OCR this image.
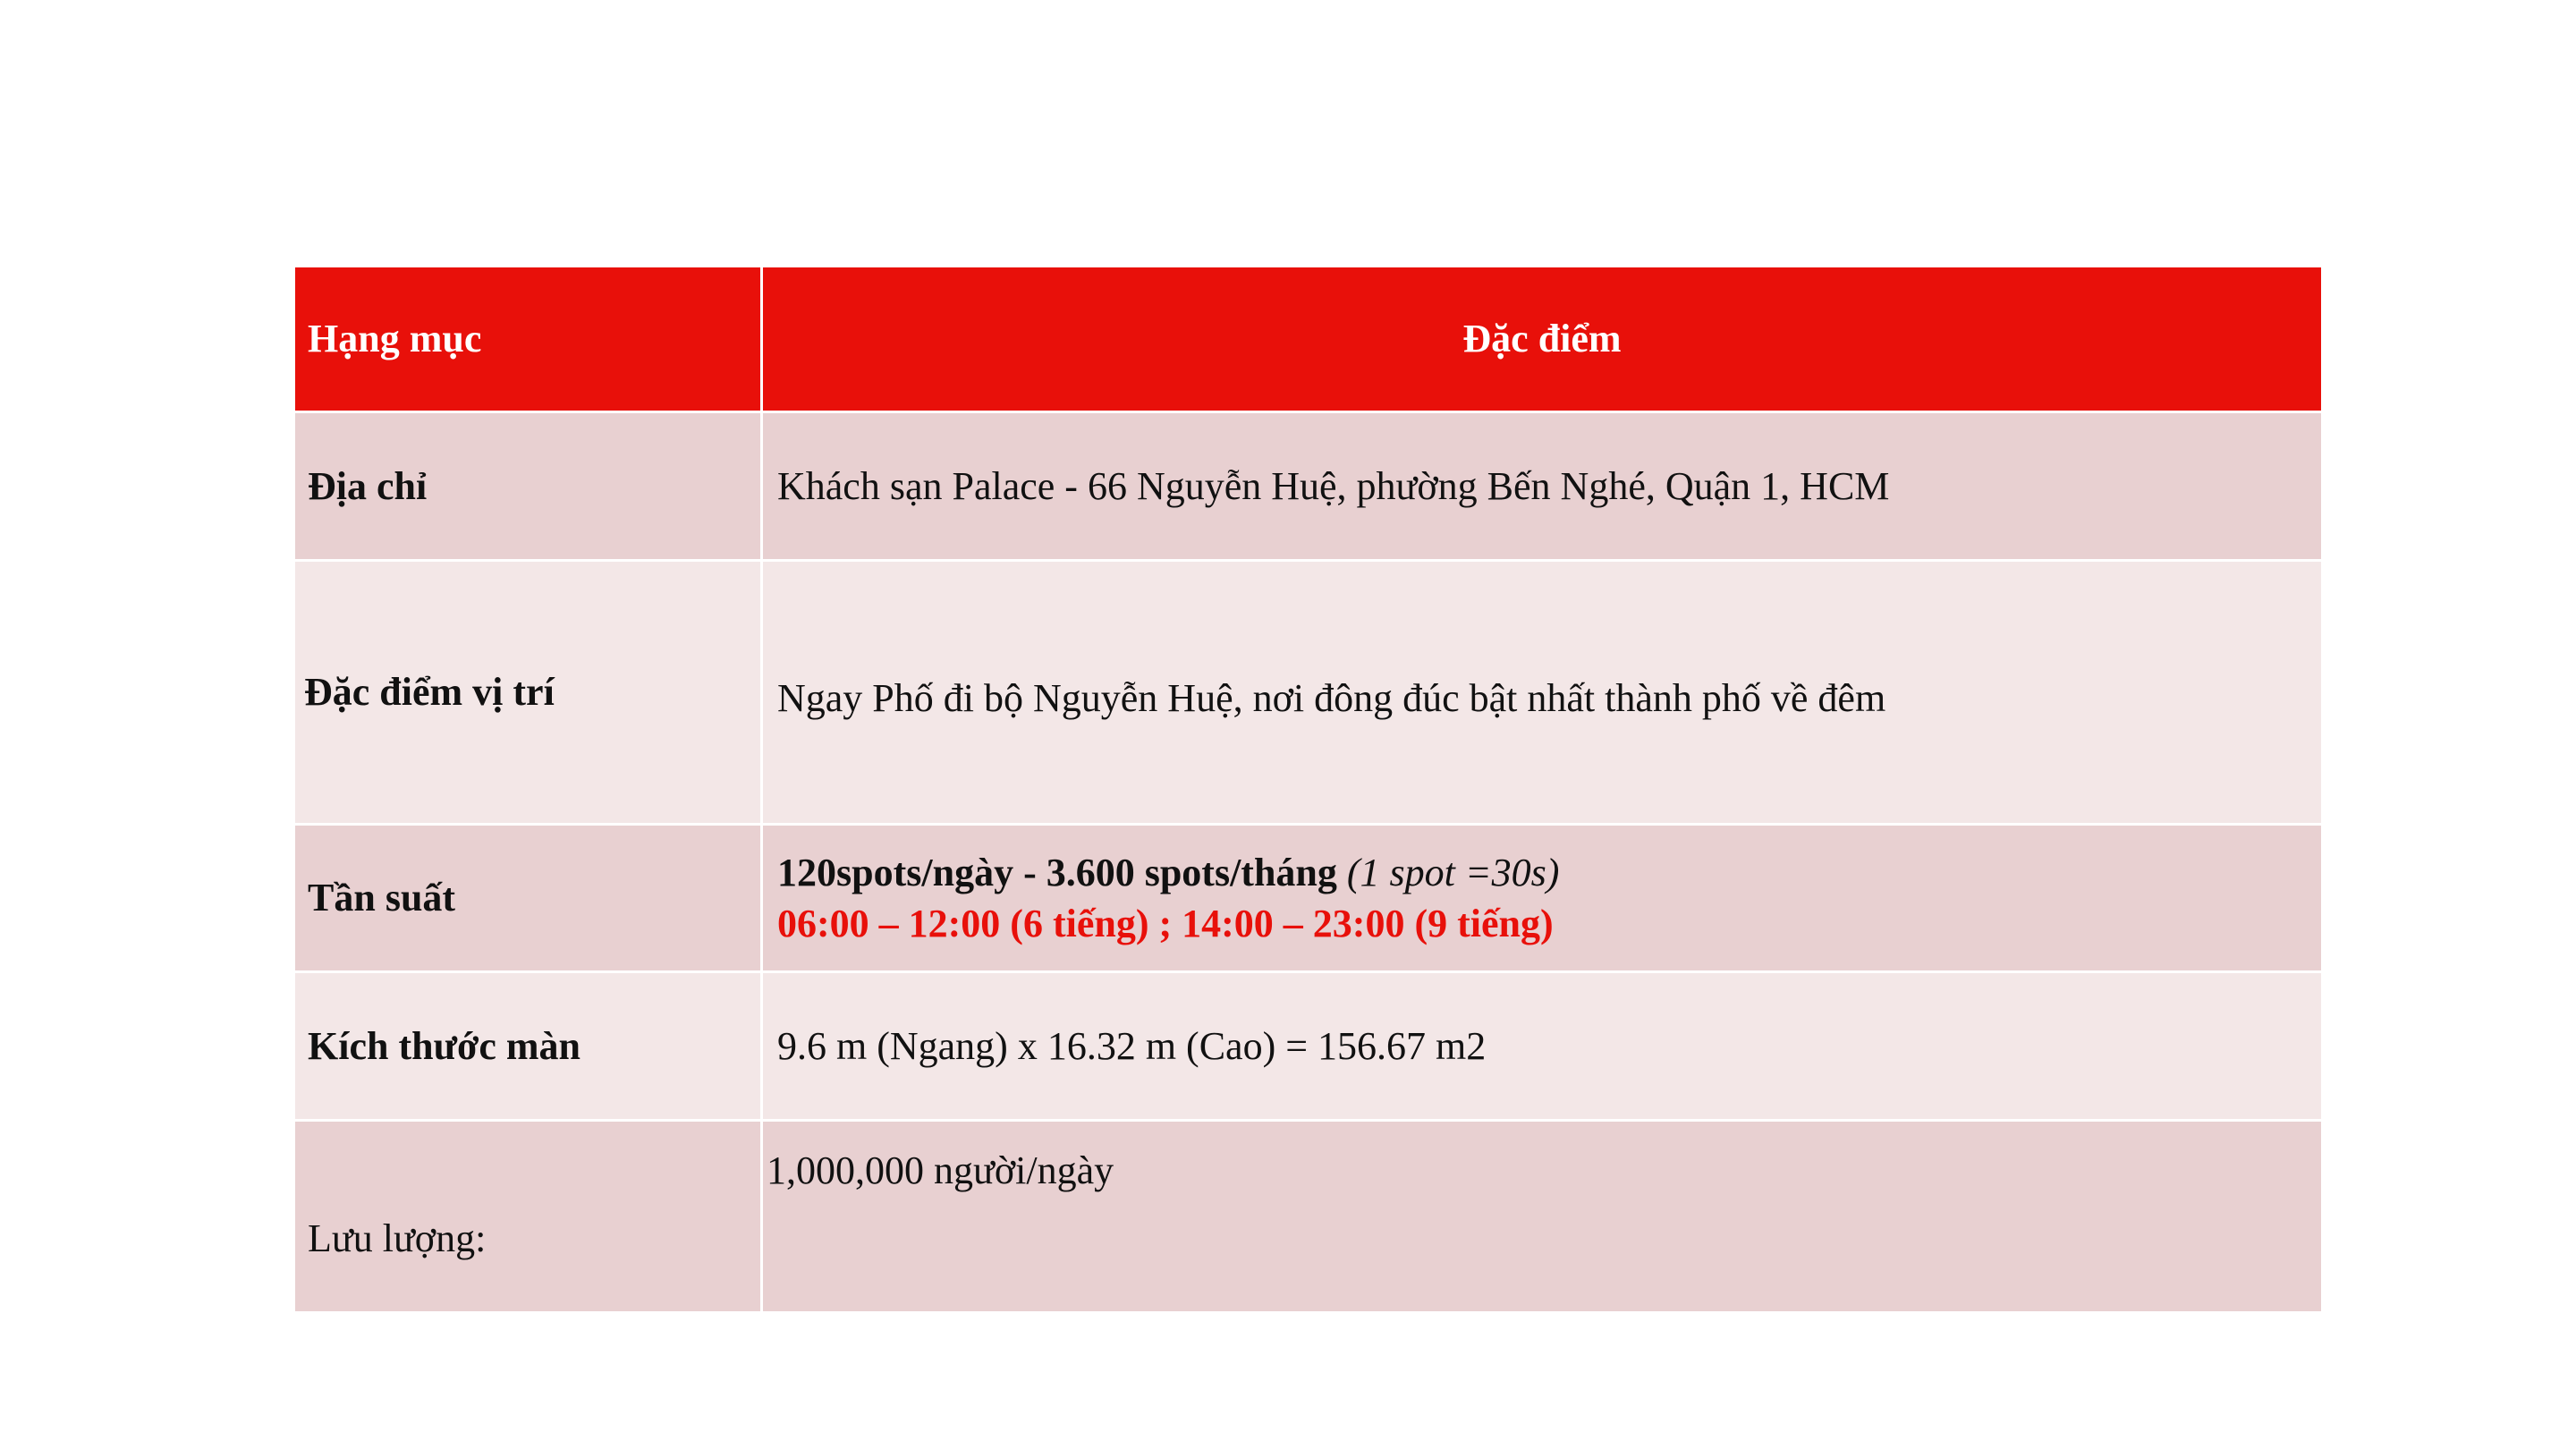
Hạng mục	Đặc điểm
Địa chỉ	Khách sạn Palace - 66 Nguyễn Huệ, phường Bến Nghé, Quận 1, HCM
Đặc điểm vị trí	Ngay Phố đi bộ Nguyễn Huệ, nơi đông đúc bật nhất thành phố về đêm
Tần suất	120spots/ngày - 3.600 spots/tháng (1 spot =30s)
06:00 – 12:00 (6 tiếng) ; 14:00 – 23:00 (9 tiếng)

Kích thước màn	9.6 m (Ngang) x 16.32 m (Cao) = 156.67 m2
Lưu lượng:	1,000,000 người/ngày
